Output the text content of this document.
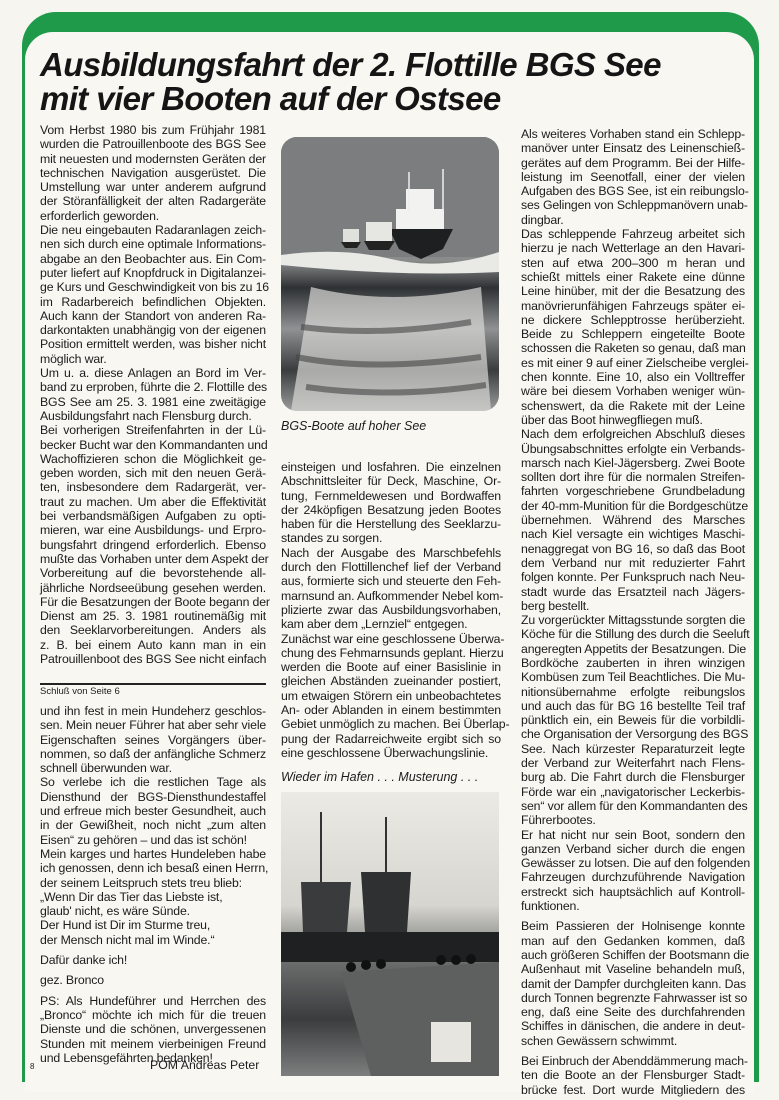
Ausbildungsfahrt der 2. Flottille BGS See
mit vier Booten auf der Ostsee
Vom Herbst 1980 bis zum Frühjahr 1981
wurden die Patrouillenboote des BGS See
mit neuesten und modernsten Geräten der
technischen Navigation ausgerüstet. Die
Umstellung war unter anderem aufgrund
der Störanfälligkeit der alten Radargeräte
erforderlich geworden.
Die neu eingebauten Radaranlagen zeich-
nen sich durch eine optimale Informations-
abgabe an den Beobachter aus. Ein Com-
puter liefert auf Knopfdruck in Digitalanzei-
ge Kurs und Geschwindigkeit von bis zu 16
im Radarbereich befindlichen Objekten.
Auch kann der Standort von anderen Ra-
darkontakten unabhängig von der eigenen
Position ermittelt werden, was bisher nicht
möglich war.
Um u. a. diese Anlagen an Bord im Ver-
band zu erproben, führte die 2. Flottille des
BGS See am 25. 3. 1981 eine zweitägige
Ausbildungsfahrt nach Flensburg durch.
Bei vorherigen Streifenfahrten in der Lü-
becker Bucht war den Kommandanten und
Wachoffizieren schon die Möglichkeit ge-
geben worden, sich mit den neuen Gerä-
ten, insbesondere dem Radargerät, ver-
traut zu machen. Um aber die Effektivität
bei verbandsmäßigen Aufgaben zu opti-
mieren, war eine Ausbildungs- und Erpro-
bungsfahrt dringend erforderlich. Ebenso
mußte das Vorhaben unter dem Aspekt der
Vorbereitung auf die bevorstehende all-
jährliche Nordseeübung gesehen werden.
Für die Besatzungen der Boote begann der
Dienst am 25. 3. 1981 routinemäßig mit
den Seeklarvorbereitungen. Anders als
z. B. bei einem Auto kann man in ein
Patrouillenboot des BGS See nicht einfach
Schluß von Seite 6
und ihn fest in mein Hundeherz geschlos-
sen. Mein neuer Führer hat aber sehr viele
Eigenschaften seines Vorgängers über-
nommen, so daß der anfängliche Schmerz
schnell überwunden war.
So verlebe ich die restlichen Tage als
Diensthund der BGS-Diensthundestaffel
und erfreue mich bester Gesundheit, auch
in der Gewißheit, noch nicht „zum alten
Eisen“ zu gehören – und das ist schön!
Mein karges und hartes Hundeleben habe
ich genossen, denn ich besaß einen Herrn,
der seinem Leitspruch stets treu blieb:
„Wenn Dir das Tier das Liebste ist,
glaub' nicht, es wäre Sünde.
Der Hund ist Dir im Sturme treu,
der Mensch nicht mal im Winde.“
Dafür danke ich!
gez. Bronco
PS: Als Hundeführer und Herrchen des
„Bronco“ möchte ich mich für die treuen
Dienste und die schönen, unvergessenen
Stunden mit meinem vierbeinigen Freund
und Lebensgefährten bedanken!
8
BGS-Boote auf hoher See
einsteigen und losfahren. Die einzelnen
Abschnittsleiter für Deck, Maschine, Or-
tung, Fernmeldewesen und Bordwaffen
der 24köpfigen Besatzung jeden Bootes
haben für die Herstellung des Seeklarzu-
standes zu sorgen.
Nach der Ausgabe des Marschbefehls
durch den Flottillenchef lief der Verband
aus, formierte sich und steuerte den Feh-
marnsund an. Aufkommender Nebel kom-
plizierte zwar das Ausbildungsvorhaben,
kam aber dem „Lernziel“ entgegen.
Zunächst war eine geschlossene Überwa-
chung des Fehmarnsunds geplant. Hierzu
werden die Boote auf einer Basislinie in
gleichen Abständen zueinander postiert,
um etwaigen Störern ein unbeobachtetes
An- oder Ablanden in einem bestimmten
Gebiet unmöglich zu machen. Bei Überlap-
pung der Radarreichweite ergibt sich so
eine geschlossene Überwachungslinie.
Wieder im Hafen . . . Musterung . . .
Als weiteres Vorhaben stand ein Schlepp-
manöver unter Einsatz des Leinenschieß-
gerätes auf dem Programm. Bei der Hilfe-
leistung im Seenotfall, einer der vielen
Aufgaben des BGS See, ist ein reibungslo-
ses Gelingen von Schleppmanövern unab-
dingbar.
Das schleppende Fahrzeug arbeitet sich
hierzu je nach Wetterlage an den Havari-
sten auf etwa 200–300 m heran und
schießt mittels einer Rakete eine dünne
Leine hinüber, mit der die Besatzung des
manövrierunfähigen Fahrzeugs später ei-
ne dickere Schlepptrosse herüberzieht.
Beide zu Schleppern eingeteilte Boote
schossen die Raketen so genau, daß man
es mit einer 9 auf einer Zielscheibe verglei-
chen konnte. Eine 10, also ein Volltreffer
wäre bei diesem Vorhaben weniger wün-
schenswert, da die Rakete mit der Leine
über das Boot hinwegfliegen muß.
Nach dem erfolgreichen Abschluß dieses
Übungsabschnittes erfolgte ein Verbands-
marsch nach Kiel-Jägersberg. Zwei Boote
sollten dort ihre für die normalen Streifen-
fahrten vorgeschriebene Grundbeladung
der 40-mm-Munition für die Bordgeschütze
übernehmen. Während des Marsches
nach Kiel versagte ein wichtiges Maschi-
nenaggregat von BG 16, so daß das Boot
dem Verband nur mit reduzierter Fahrt
folgen konnte. Per Funkspruch nach Neu-
stadt wurde das Ersatzteil nach Jägers-
berg bestellt.
Zu vorgerückter Mittagsstunde sorgten die
Köche für die Stillung des durch die Seeluft
angeregten Appetits der Besatzungen. Die
Bordköche zauberten in ihren winzigen
Kombüsen zum Teil Beachtliches. Die Mu-
nitionsübernahme erfolgte reibungslos
und auch das für BG 16 bestellte Teil traf
pünktlich ein, ein Beweis für die vorbildli-
che Organisation der Versorgung des BGS
See. Nach kürzester Reparaturzeit legte
der Verband zur Weiterfahrt nach Flens-
burg ab. Die Fahrt durch die Flensburger
Förde war ein „navigatorischer Leckerbis-
sen“ vor allem für den Kommandanten des
Führerbootes.
Er hat nicht nur sein Boot, sondern den
ganzen Verband sicher durch die engen
Gewässer zu lotsen. Die auf den folgenden
Fahrzeugen durchzuführende Navigation
erstreckt sich hauptsächlich auf Kontroll-
funktionen.
Beim Passieren der Holnisenge konnte
man auf den Gedanken kommen, daß
auch größeren Schiffen der Bootsmann die
Außenhaut mit Vaseline behandeln muß,
damit der Dampfer durchgleiten kann. Das
durch Tonnen begrenzte Fahrwasser ist so
eng, daß eine Seite des durchfahrenden
Schiffes in dänischen, die andere in deut-
schen Gewässern schwimmt.
Bei Einbruch der Abenddämmerung mach-
ten die Boote an der Flensburger Stadt-
brücke fest. Dort wurde Mitgliedern des
POM Andreas Peter
